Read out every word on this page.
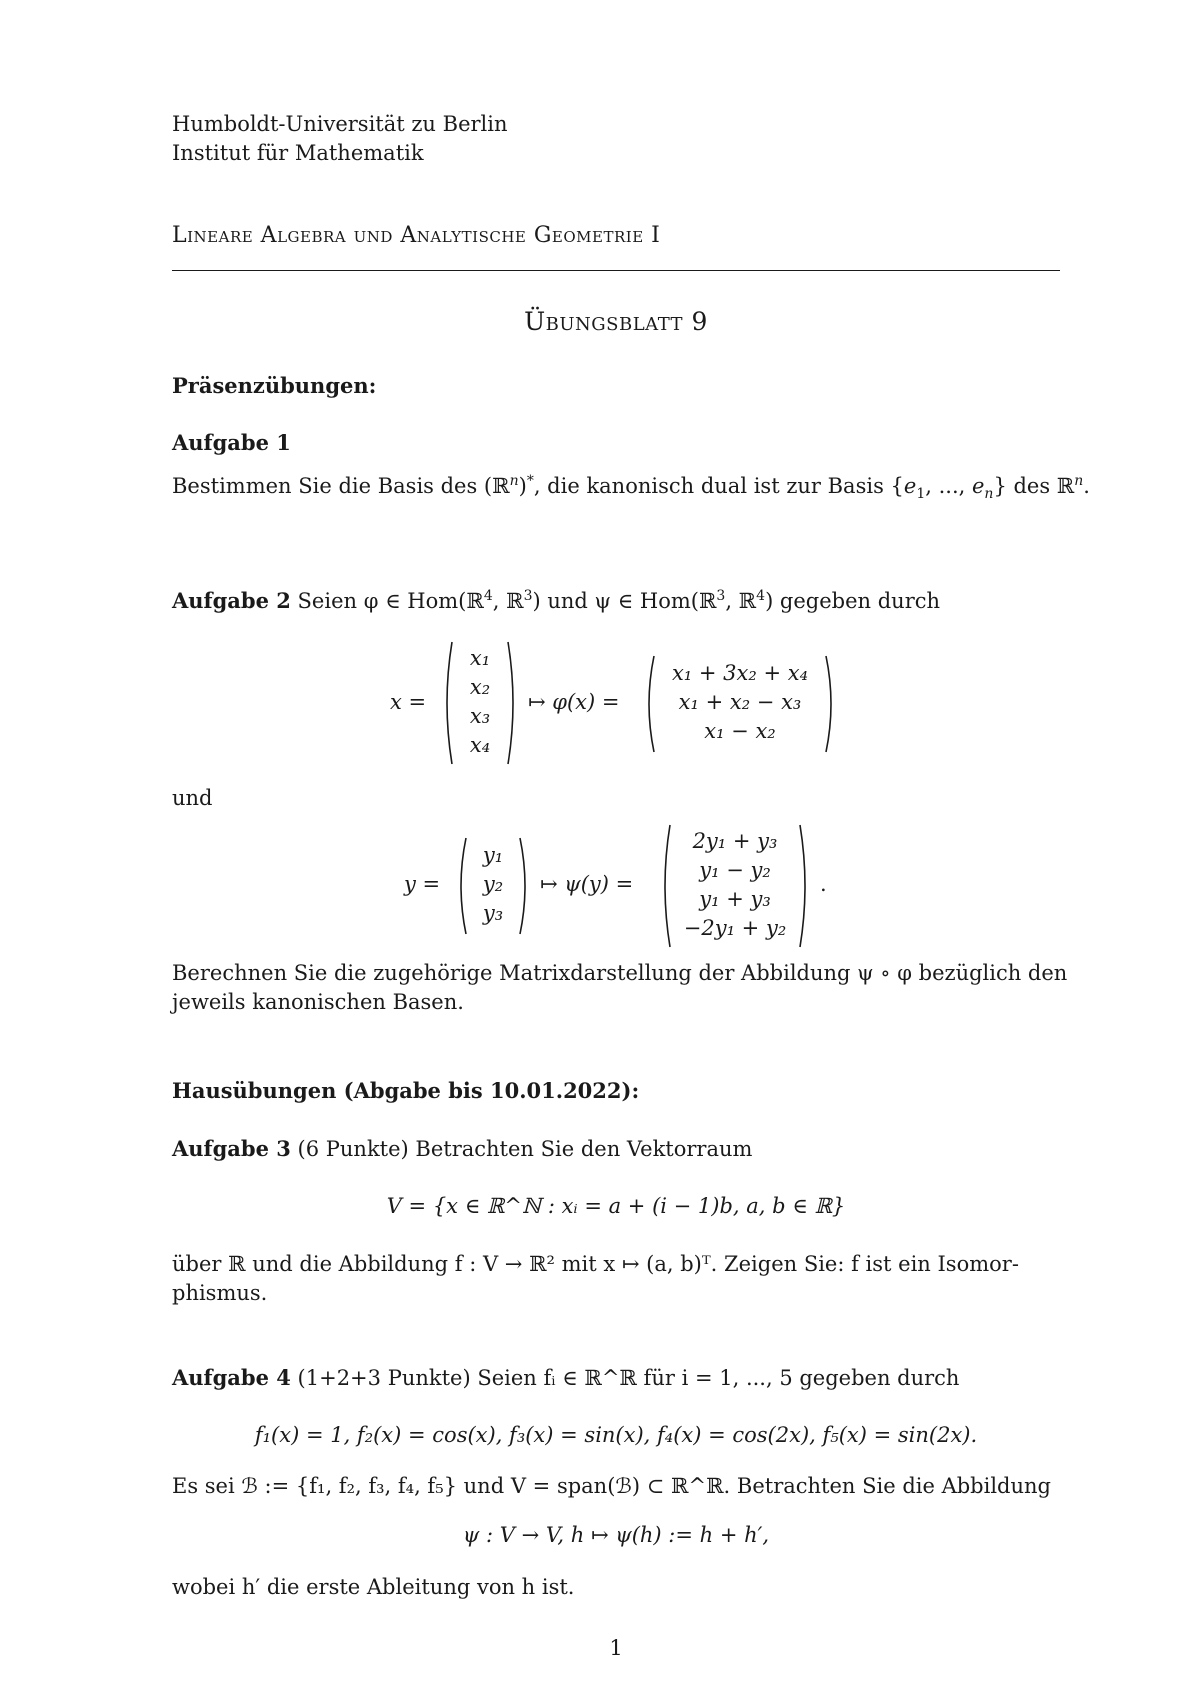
Humboldt-Universität zu Berlin
Institut für Mathematik
Lineare Algebra und Analytische Geometrie I
Übungsblatt 9
Präsenzübungen:
Aufgabe 1
Bestimmen Sie die Basis des (ℝ$^n$)*, die kanonisch dual ist zur Basis {$e_1$, ..., $e_n$} des ℝ$^n$.
Aufgabe 2 Seien φ ∈ Hom(ℝ$^4$, ℝ$^3$) und ψ ∈ Hom(ℝ$^3$, ℝ$^4$) gegeben durch
x =
x₁
x₂
x₃
x₄
↦ φ(x) =
x₁ + 3x₂ + x₄
x₁ + x₂ − x₃
x₁ − x₂
und
y =
y₁
y₂
y₃
↦ ψ(y) =
2y₁ + y₃
y₁ − y₂
y₁ + y₃
−2y₁ + y₂
.
Berechnen Sie die zugehörige Matrixdarstellung der Abbildung ψ ∘ φ bezüglich den
jeweils kanonischen Basen.
Hausübungen (Abgabe bis 10.01.2022):
Aufgabe 3 (6 Punkte) Betrachten Sie den Vektorraum
V = {x ∈ ℝ^ℕ : xᵢ = a + (i − 1)b, a, b ∈ ℝ}
über ℝ und die Abbildung f : V → ℝ² mit x ↦ (a, b)ᵀ. Zeigen Sie: f ist ein Isomor-
phismus.
Aufgabe 4 (1+2+3 Punkte) Seien fᵢ ∈ ℝ^ℝ für i = 1, ..., 5 gegeben durch
f₁(x) = 1, f₂(x) = cos(x), f₃(x) = sin(x), f₄(x) = cos(2x), f₅(x) = sin(2x).
Es sei ℬ := {f₁, f₂, f₃, f₄, f₅} und V = span(ℬ) ⊂ ℝ^ℝ. Betrachten Sie die Abbildung
ψ : V → V, h ↦ ψ(h) := h + h′,
wobei h′ die erste Ableitung von h ist.
1
